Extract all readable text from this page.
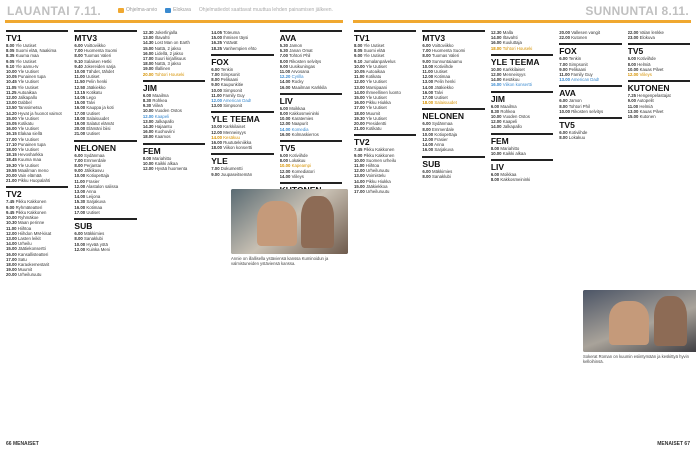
LAUANTAI 7.11.	Ohjelma-arvio	Elokuva Ohjelmatiedot saattavat muuttua lehden painamisen jälkeen.
TV1
8.00 Yle Uutiset
8.05 Suomi elää, Naakima
8.35 Kuuma maa
9.05 Yle Uutiset
9.10 Yle aamu-tv
10.00 Yle Uutiset
10.05 Punainen tupa
10.45 Yle Uutiset
11.05 Yle Uutiset
11.25 Autoaikaa
12.00 Jalkapallo
13.00 Dabbel
13.50 Tanssimetsa
14.20 Hyvat ja huonot vaimot
15.00 Yle Uutiset
15.05 Kotikatu
16.00 Yle Uutiset
16.15 Elakaa siellä
17.00 Yle Uutiset
17.10 Punainen tupa
18.00 Yle Uutiset
18.15 Hevosharkka
18.45 Kuuma maa
19.30 Yle Uutiset
19.55 Maailman meno
20.00 Vain elämää
21.00 Pikku Huopalahti
TV2
7.45 Pikku Kakkonen
9.00 Ryhmäteatteri
9.45 Pikku Kakkonen
10.00 Ryhmäkoe
10.30 Maan perinne
11.00 Hiihtoa
12.00 Hiihdon MM-kisat
13.00 Lasten leikit
14.00 Urheilu
15.00 Jäätiekonsertti
16.00 Kansallisteatteri
17.00 Satu
18.00 Karaokemestarit
19.00 Muumit
20.00 Urheiluruutu
MTV3
6.00 Voittoviikko
7.00 Huomenta Suomi
8.00 Tuomas Valeri
9.10 Salaisen Hetki
9.40 Jokereiden sarja
10.00 Tähdet, tähdet
11.00 Uutiset
11.50 Pelin henki
12.50 Jääkiekko
13.15 Kotikatu
14.05 Lego
15.00 Talvi
16.00 Kauppa ja koti
17.00 Uutiset
18.00 Salaisuudet
19.00 Salatut elämät
20.00 Elämäni biisi
21.00 Uutiset
NELONEN
6.00 Sydänmaa
7.00 Emmerdale
8.00 Perjantai
9.00 Jälkikasvu
10.00 Kotiopettaja
11.00 Frasier
12.00 Alastalon salissa
13.00 Anna
14.00 Leijona
15.30 Sarjakuva
16.00 Kotimaa
17.00 Uutiset
SUB
6.00 Mäkkimies
8.00 Sanaklubi
10.00 Hyvää yötä
12.00 Kuinka Meni
12.30 Jokerlinjalla
13.00 Iltavahti
14.30 Lost Man on Earth
15.00 Nattä, 2 jakso
16.00 Lidellä, 2 jakso
17.00 Suuri kirjallisuus
18.00 Nattä, 3 jakso
19.00 Illallinen
20.00 Tohtori Houseki
JIM
6.00 Maailma
8.30 Rohkea
9.30 Viileä
10.00 Vuoden Ostos
12.00 Kaapeli
13.00 Jalkapallo
14.30 Hajaantu
16.00 Kuohuviini
18.00 Kaamos
FEM
8.00 Mariahitto
10.00 Kaikki alkaa
12.00 Hyvää huomenta
14.05 Toteuma
15.00 Ihmisen täysi
16.25 Ystävät
18.25 Vanhempien ehto
FOX
6.00 Tenkin
7.00 Simpsonit
8.00 Pelikaani
9.00 Kaupunkitie
10.00 Simpsonit
11.00 Family Guy
12.00 American Dad!
13.00 Simpsonit
YLE TEEMA
10.00 Karkkilaiset
12.00 Menneisyys
14.00 Kesäkuu
16.00 Ruututekniikka
18.00 Viikon konsertti
YLE
7.00 Dokumentti
9.00 Juupaseitsemän
AVA
5.30 Jamon
6.30 Janan Omat
7.00 Tohtori Phil
8.00 Rikosten selvitys
9.00 Uusikuningas
11.00 Arvosana
12.20 Cyrilla
14.00 Rocky
16.00 Maailman Karkkila
LIV
6.00 Moikkaa
8.00 Kakkosmeininki
10.00 Karatemies
12.00 Naapurit
14.00 Komedia
16.00 Kolmaskierros
TV5
6.00 Kotiviihde
8.00 Lokakuu
10.00 Kapeampi
12.00 Komediatori
14.00 Viileys
Annie on illallisella ystäviensä kanssa Kuminoidun ja valmistuneiden ystäviensä kanssa.
66 MENAISET
SUNNUNTAI 8.11.
TV1
8.00 Yle Uutiset
8.05 Suomi elää
9.00 Yle Uutiset
9.10 Jumalanpalvelus
10.00 Yle Uutiset
10.05 Autoaikaa
11.00 Kotikatu
12.00 Yle Uutiset
13.00 Marsipaani
14.00 Ihmeellinen luonto
15.00 Yle Uutiset
16.00 Pikku Hiukka
17.00 Yle Uutiset
18.00 Muumit
19.30 Yle Uutiset
20.00 Presidentti
21.00 Kotikatu
TV2
7.45 Pikku Kakkonen
9.00 Pikku Kakkonen
10.00 Suomen urheilu
11.00 Hiihtoa
12.00 Urheiluruutu
13.00 Voimistelu
14.00 Pikku Hiukka
15.00 Jääkiekkoa
17.00 Urheiluruutu
MTV3
6.00 Voittoviikko
7.00 Huomenta Suomi
8.00 Tuomas Valeri
9.00 Sunnuntaiaamu
10.00 Kotiviihde
11.00 Uutiset
12.00 Kotimaa
13.00 Pelin henki
14.00 Jääkiekko
16.00 Talvi
17.00 Uutiset
18.00 Salaisuudet
NELONEN
6.00 Sydänmaa
8.00 Emmerdale
10.00 Kotiopettaja
12.00 Frasier
14.00 Anna
16.00 Sarjakuva
SUB
6.00 Mäkkimies
8.00 Sanaklubi
12.30 Malla
14.00 Iltavahti
16.00 Kuuluttaja
18.00 Tohtori Houseki
YLE TEEMA
10.00 Karkkilaiset
12.00 Menneisyys
14.00 Kesäkuu
16.00 Viikon konsertti
JIM
6.00 Maailma
8.30 Rohkea
10.00 Vuoden Ostos
12.00 Kaapeli
14.00 Jalkapallo
FEM
8.00 Mariahitto
10.00 Kaikki alkaa
LIV
6.00 Moikkaa
8.00 Kakkosmeininki
20.00 Vallesen vangit
22.00 Kutonen
FOX
6.00 Tenkin
7.00 Simpsonit
9.00 Pelikaani
11.00 Family Guy
13.00 American Dad!
AVA
6.00 Jamon
8.00 Tohtori Phil
10.00 Rikosten selvitys
TV5
6.00 Kotiviihde
8.00 Lokakuu
22.00 Valan lenkke
23.00 Elokuva
TV5
6.00 Kotiviihde
8.00 Helmiä
10.00 Kauas Pilvet
12.00 Viileys
KUTONEN
7.25 Hengenpelastajat
9.00 Autopelit
11.00 Helmiä
13.00 Kauas Pilvet
15.00 Kutonen
Sokerat Roman on kuumin esiintymään ja keskittyä hyvin kelloihinsä.
MENAISET 67
